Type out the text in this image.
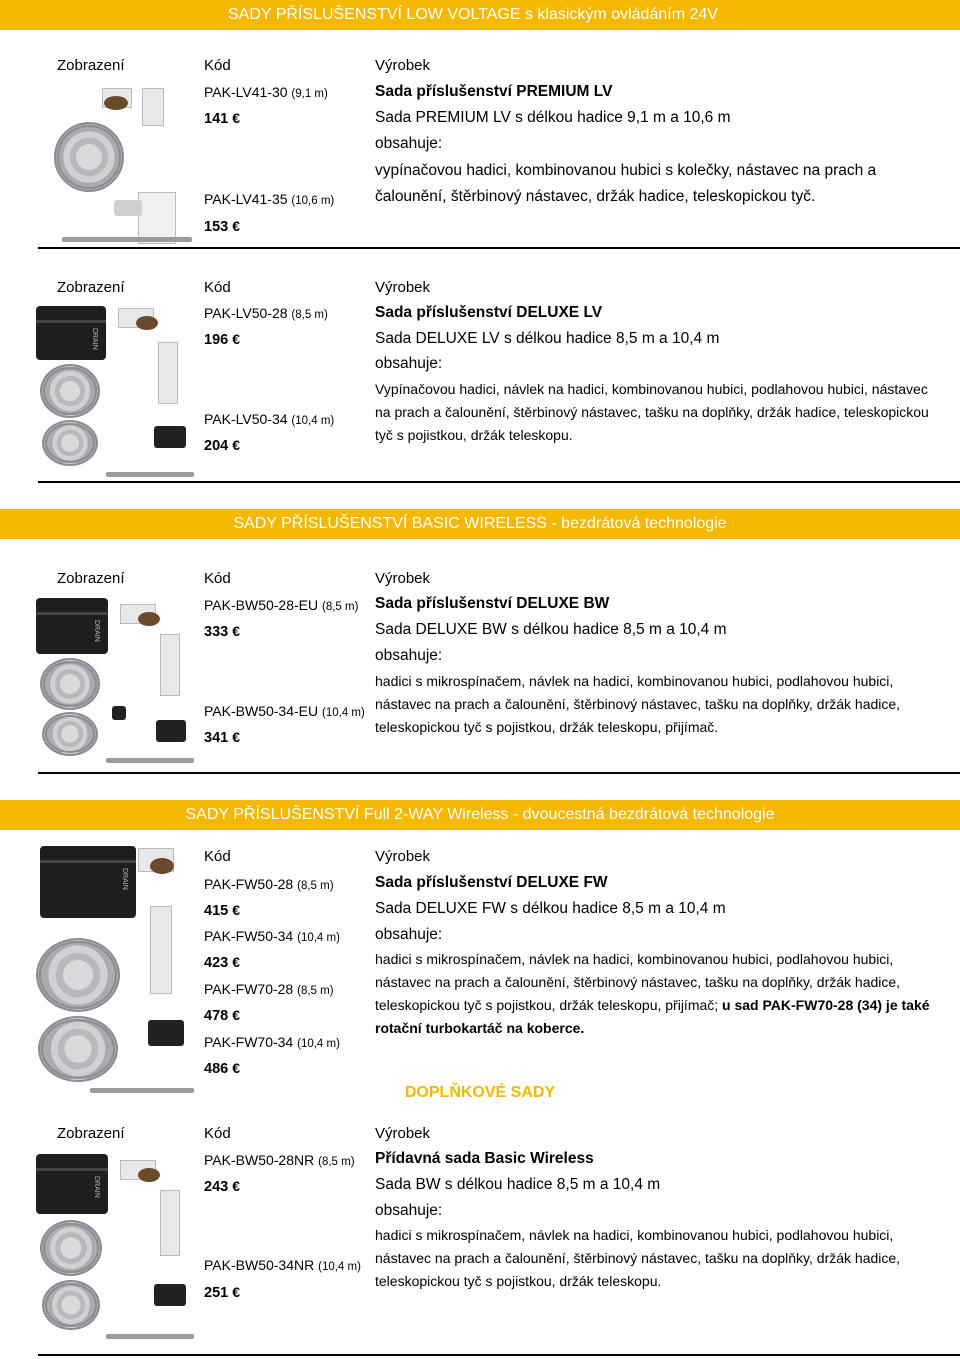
SADY PŘÍSLUŠENSTVÍ LOW VOLTAGE s klasickým ovládáním 24V
Zobrazení	Kód	Výrobek
PAK-LV41-30 (9,1 m)
141 €
PAK-LV41-35 (10,6 m)
153 €
Sada příslušenství PREMIUM LV
Sada PREMIUM LV s délkou hadice 9,1 m a 10,6 m
obsahuje:
vypínačovou hadici, kombinovanou hubici s kolečky, nástavec na prach a čalounění, štěrbinový nástavec, držák hadice, teleskopickou tyč.
Zobrazení	Kód	Výrobek
DRAIN
PAK-LV50-28 (8,5 m)
196 €
PAK-LV50-34 (10,4 m)
204 €
Sada příslušenství DELUXE LV
Sada DELUXE LV s délkou hadice 8,5 m a 10,4 m
obsahuje:
Vypínačovou hadici, návlek na hadici, kombinovanou hubici, podlahovou hubici, nástavec na prach a čalounění, štěrbinový nástavec, tašku na doplňky, držák hadice, teleskopickou tyč s pojistkou, držák teleskopu.
SADY PŘÍSLUŠENSTVÍ BASIC WIRELESS - bezdrátová technologie
Zobrazení	Kód	Výrobek
DRAIN
PAK-BW50-28-EU (8,5 m)
333 €
PAK-BW50-34-EU (10,4 m)
341 €
Sada příslušenství DELUXE BW
Sada DELUXE BW s délkou hadice 8,5 m a 10,4 m
obsahuje:
hadici s mikrospínačem, návlek na hadici, kombinovanou hubici, podlahovou hubici, nástavec na prach a čalounění, štěrbinový nástavec, tašku na doplňky, držák hadice, teleskopickou tyč s pojistkou, držák teleskopu, přijímač.
SADY PŘÍSLUŠENSTVÍ Full 2-WAY Wireless - dvoucestná bezdrátová technologie
Kód	Výrobek
DRAIN	PAK-FW50-28 (8,5 m)
415 €
PAK-FW50-34 (10,4 m)
423 €
PAK-FW70-28 (8,5 m)
478 €
PAK-FW70-34 (10,4 m)
486 €
Sada příslušenství DELUXE FW
Sada DELUXE FW s délkou hadice 8,5 m a 10,4 m
obsahuje:
hadici s mikrospínačem, návlek na hadici, kombinovanou hubici, podlahovou hubici, nástavec na prach a čalounění, štěrbinový nástavec, tašku na doplňky, držák hadice, teleskopickou tyč s pojistkou, držák teleskopu, přijímač; u sad PAK-FW70-28 (34) je také rotační turbokartáč na koberce.
DOPLŇKOVÉ SADY
Zobrazení	Kód	Výrobek
DRAIN
PAK-BW50-28NR (8,5 m)
243 €
PAK-BW50-34NR (10,4 m)
251 €
Přídavná sada Basic Wireless
Sada BW s délkou hadice 8,5 m a 10,4 m
obsahuje:
hadici s mikrospínačem, návlek na hadici, kombinovanou hubici, podlahovou hubici, nástavec na prach a čalounění, štěrbinový nástavec, tašku na doplňky, držák hadice, teleskopickou tyč s pojistkou, držák teleskopu.
